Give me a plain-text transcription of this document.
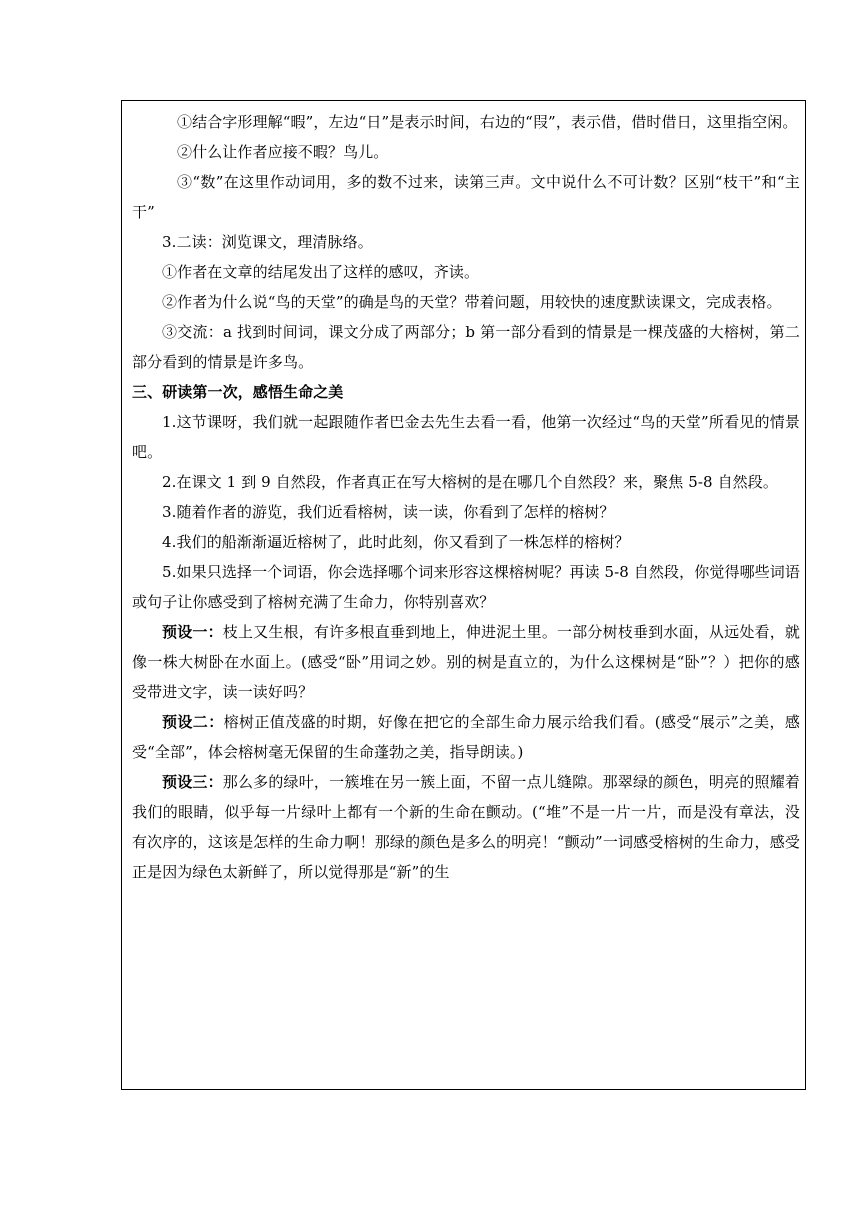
①结合字形理解“暇”，左边“日”是表示时间，右边的“叚”，表示借，借时借日，这里指空闲。

②什么让作者应接不暇？鸟儿。

③“数”在这里作动词用，多的数不过来，读第三声。文中说什么不可计数？区别“枝干”和“主干”

3.二读：浏览课文，理清脉络。

①作者在文章的结尾发出了这样的感叹，齐读。

②作者为什么说“鸟的天堂”的确是鸟的天堂？带着问题，用较快的速度默读课文，完成表格。

③交流：a 找到时间词，课文分成了两部分；b 第一部分看到的情景是一棵茂盛的大榕树，第二部分看到的情景是许多鸟。

三、研读第一次，感悟生命之美

1.这节课呀，我们就一起跟随作者巴金去先生去看一看，他第一次经过“鸟的天堂”所看见的情景吧。

2.在课文 1 到 9 自然段，作者真正在写大榕树的是在哪几个自然段？来，聚焦 5-8 自然段。

3.随着作者的游览，我们近看榕树，读一读，你看到了怎样的榕树？

4.我们的船渐渐逼近榕树了，此时此刻，你又看到了一株怎样的榕树？

5.如果只选择一个词语，你会选择哪个词来形容这棵榕树呢？再读 5-8 自然段，你觉得哪些词语或句子让你感受到了榕树充满了生命力，你特别喜欢？

预设一：枝上又生根，有许多根直垂到地上，伸进泥土里。一部分树枝垂到水面，从远处看，就像一株大树卧在水面上。(感受“卧”用词之妙。别的树是直立的，为什么这棵树是“卧”？）把你的感受带进文字，读一读好吗？

预设二：榕树正值茂盛的时期，好像在把它的全部生命力展示给我们看。(感受“展示”之美，感受“全部”，体会榕树毫无保留的生命蓬勃之美，指导朗读。)

预设三：那么多的绿叶，一簇堆在另一簇上面，不留一点儿缝隙。那翠绿的颜色，明亮的照耀着我们的眼睛，似乎每一片绿叶上都有一个新的生命在颤动。(“堆”不是一片一片，而是没有章法，没有次序的，这该是怎样的生命力啊！那绿的颜色是多么的明亮！“颤动”一词感受榕树的生命力，感受正是因为绿色太新鲜了，所以觉得那是“新”的生
